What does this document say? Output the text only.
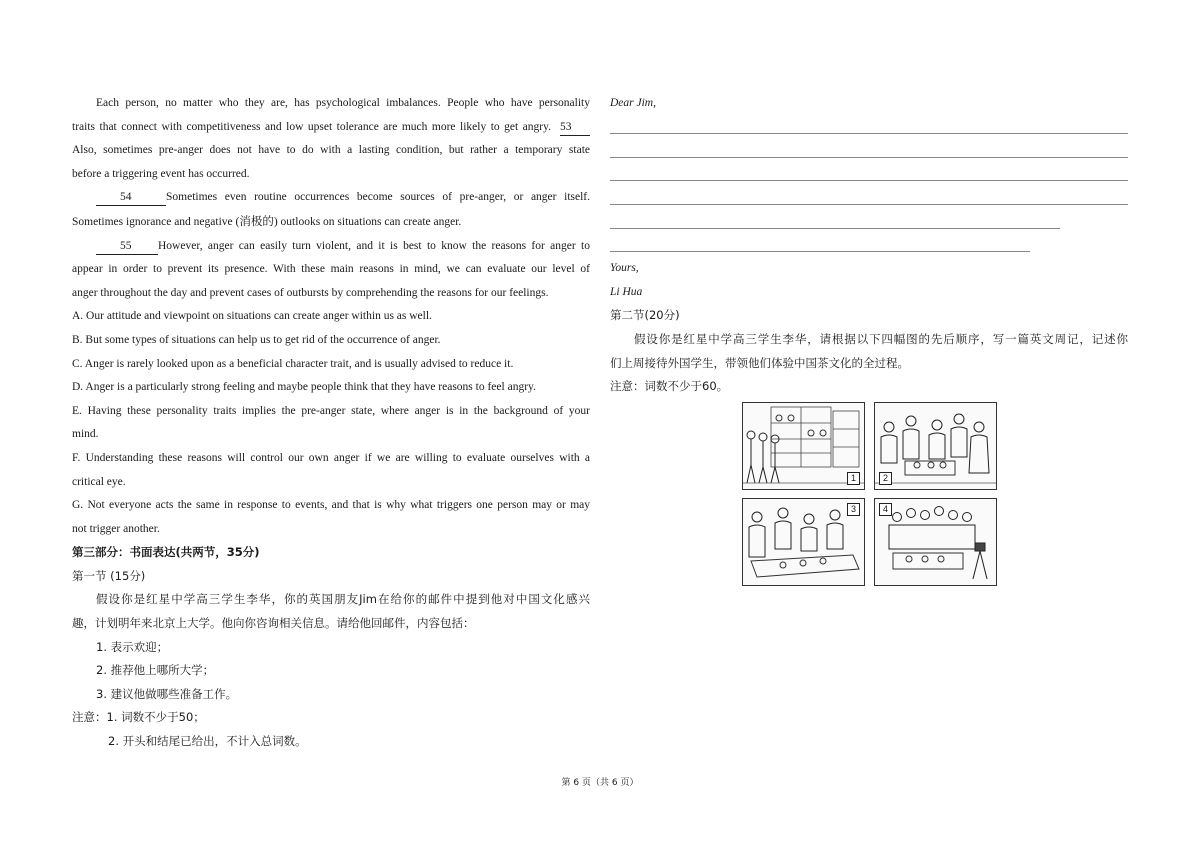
Each person, no matter who they are, has psychological imbalances. People who have personality
traits that connect with competitiveness and low upset tolerance are much more likely to get angry. 53
Also, sometimes pre-anger does not have to do with a lasting condition, but rather a temporary state
before a triggering event has occurred.
54	Sometimes even routine occurrences become sources of pre-anger, or anger itself.
Sometimes ignorance and negative (消极的) outlooks on situations can create anger.
55 However, anger can easily turn violent, and it is best to know the reasons for anger to
appear in order to prevent its presence. With these main reasons in mind, we can evaluate our level of
anger throughout the day and prevent cases of outbursts by comprehending the reasons for our feelings.
A. Our attitude and viewpoint on situations can create anger within us as well.
B. But some types of situations can help us to get rid of the occurrence of anger.
C. Anger is rarely looked upon as a beneficial character trait, and is usually advised to reduce it.
D. Anger is a particularly strong feeling and maybe people think that they have reasons to feel angry.
E. Having these personality traits implies the pre-anger state, where anger is in the background of your
mind.
F. Understanding these reasons will control our own anger if we are willing to evaluate ourselves with a
critical eye.
G. Not everyone acts the same in response to events, and that is why what triggers one person may or may
not trigger another.
第三部分：书面表达(共两节，35分)
第一节 (15分)
假设你是红星中学高三学生李华，你的英国朋友Jim在给你的邮件中提到他对中国文化感兴
趣，计划明年来北京上大学。他向你咨询相关信息。请给他回邮件，内容包括：
1. 表示欢迎；
2. 推荐他上哪所大学；
3. 建议他做哪些准备工作。
注意：1. 词数不少于50；
2. 开头和结尾已给出，不计入总词数。
Dear Jim,
Yours,
Li Hua
第二节(20分)
假设你是红星中学高三学生李华，请根据以下四幅图的先后顺序，写一篇英文周记，记述你
们上周接待外国学生，带领他们体验中国茶文化的全过程。
注意：词数不少于60。
1	2
3	4
第 6 页（共 6 页）
